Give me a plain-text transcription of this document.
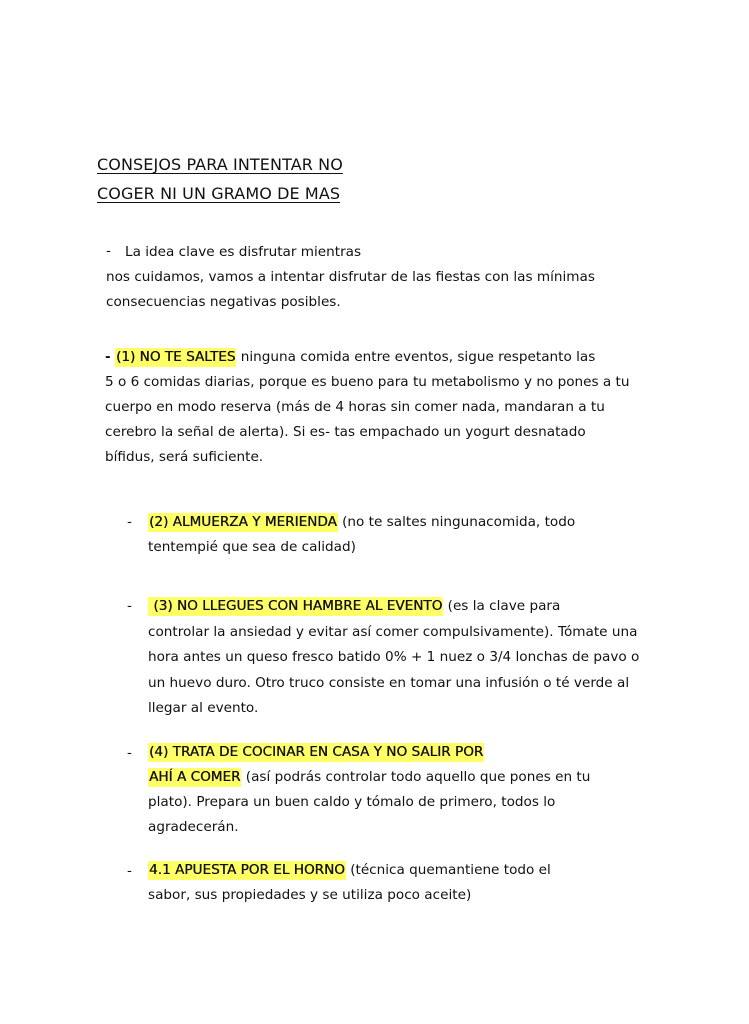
CONSEJOS PARA INTENTAR NO
COGER NI UN GRAMO DE MAS
-	La idea clave es disfrutar mientras
nos cuidamos, vamos a intentar disfrutar de las fiestas con las mínimas
consecuencias negativas posibles.
- (1) NO TE SALTES ninguna comida entre eventos, sigue respetanto las
5 o 6 comidas diarias, porque es bueno para tu metabolismo y no pones a tu
cuerpo en modo reserva (más de 4 horas sin comer nada, mandaran a tu
cerebro la señal de alerta). Si es- tas empachado un yogurt desnatado
bífidus, será suficiente.
- (2) ALMUERZA Y MERIENDA (no te saltes ningunacomida, todo
tentempié que sea de calidad)
- (3) NO LLEGUES CON HAMBRE AL EVENTO (es la clave para
controlar la ansiedad y evitar así comer compulsivamente). Tómate una
hora antes un queso fresco batido 0% + 1 nuez o 3/4 lonchas de pavo o
un huevo duro. Otro truco consiste en tomar una infusión o té verde al
llegar al evento.
- (4) TRATA DE COCINAR EN CASA Y NO SALIR POR
AHÍ A COMER (así podrás controlar todo aquello que pones en tu
plato). Prepara un buen caldo y tómalo de primero, todos lo
agradecerán.
- 4.1 APUESTA POR EL HORNO (técnica quemantiene todo el
sabor, sus propiedades y se utiliza poco aceite)
